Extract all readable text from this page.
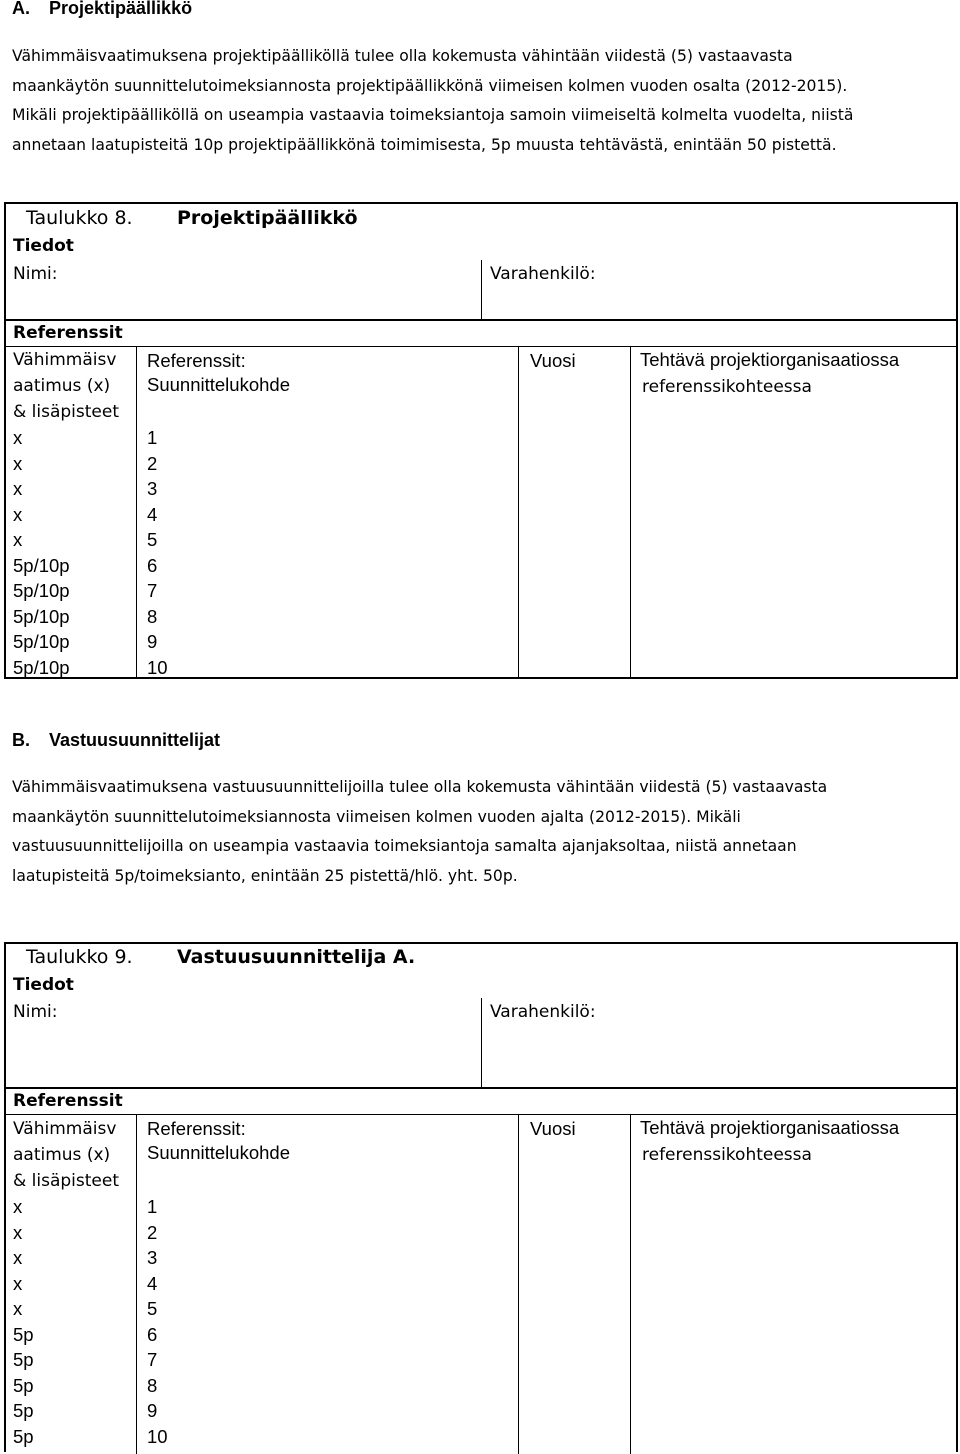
A. Projektipäällikkö
Vähimmäisvaatimuksena projektipäälliköllä tulee olla kokemusta vähintään viidestä (5) vastaavasta
maankäytön suunnittelutoimeksiannosta projektipäällikkönä viimeisen kolmen vuoden osalta (2012-2015).
Mikäli projektipäälliköllä on useampia vastaavia toimeksiantoja samoin viimeiseltä kolmelta vuodelta, niistä
annetaan laatupisteitä 10p projektipäällikkönä toimimisesta, 5p muusta tehtävästä, enintään 50 pistettä.
Taulukko 8. Projektipäällikkö
Tiedot
Nimi:	Varahenkilö:
Referenssit
Vähimmäisv
aatimus (x)
& lisäpisteet
Referenssit:
Suunnittelukohde
Vuosi	Tehtävä projektiorganisaatiossa
referenssikohteessa
x	1
x	2
x	3
x	4
x	5
5p/10p	6
5p/10p	7
5p/10p	8
5p/10p	9
5p/10p	10
B. Vastuusuunnittelijat
Vähimmäisvaatimuksena vastuusuunnittelijoilla tulee olla kokemusta vähintään viidestä (5) vastaavasta
maankäytön suunnittelutoimeksiannosta viimeisen kolmen vuoden ajalta (2012-2015). Mikäli
vastuusuunnittelijoilla on useampia vastaavia toimeksiantoja samalta ajanjaksoltaa, niistä annetaan
laatupisteitä 5p/toimeksianto, enintään 25 pistettä/hlö. yht. 50p.
Taulukko 9. Vastuusuunnittelija A.
Tiedot
Nimi:	Varahenkilö:
Referenssit
Vähimmäisv
aatimus (x)
& lisäpisteet
Referenssit:
Suunnittelukohde
Vuosi	Tehtävä projektiorganisaatiossa
referenssikohteessa
x	1
x	2
x	3
x	4
x	5
5p	6
5p	7
5p	8
5p	9
5p	10
